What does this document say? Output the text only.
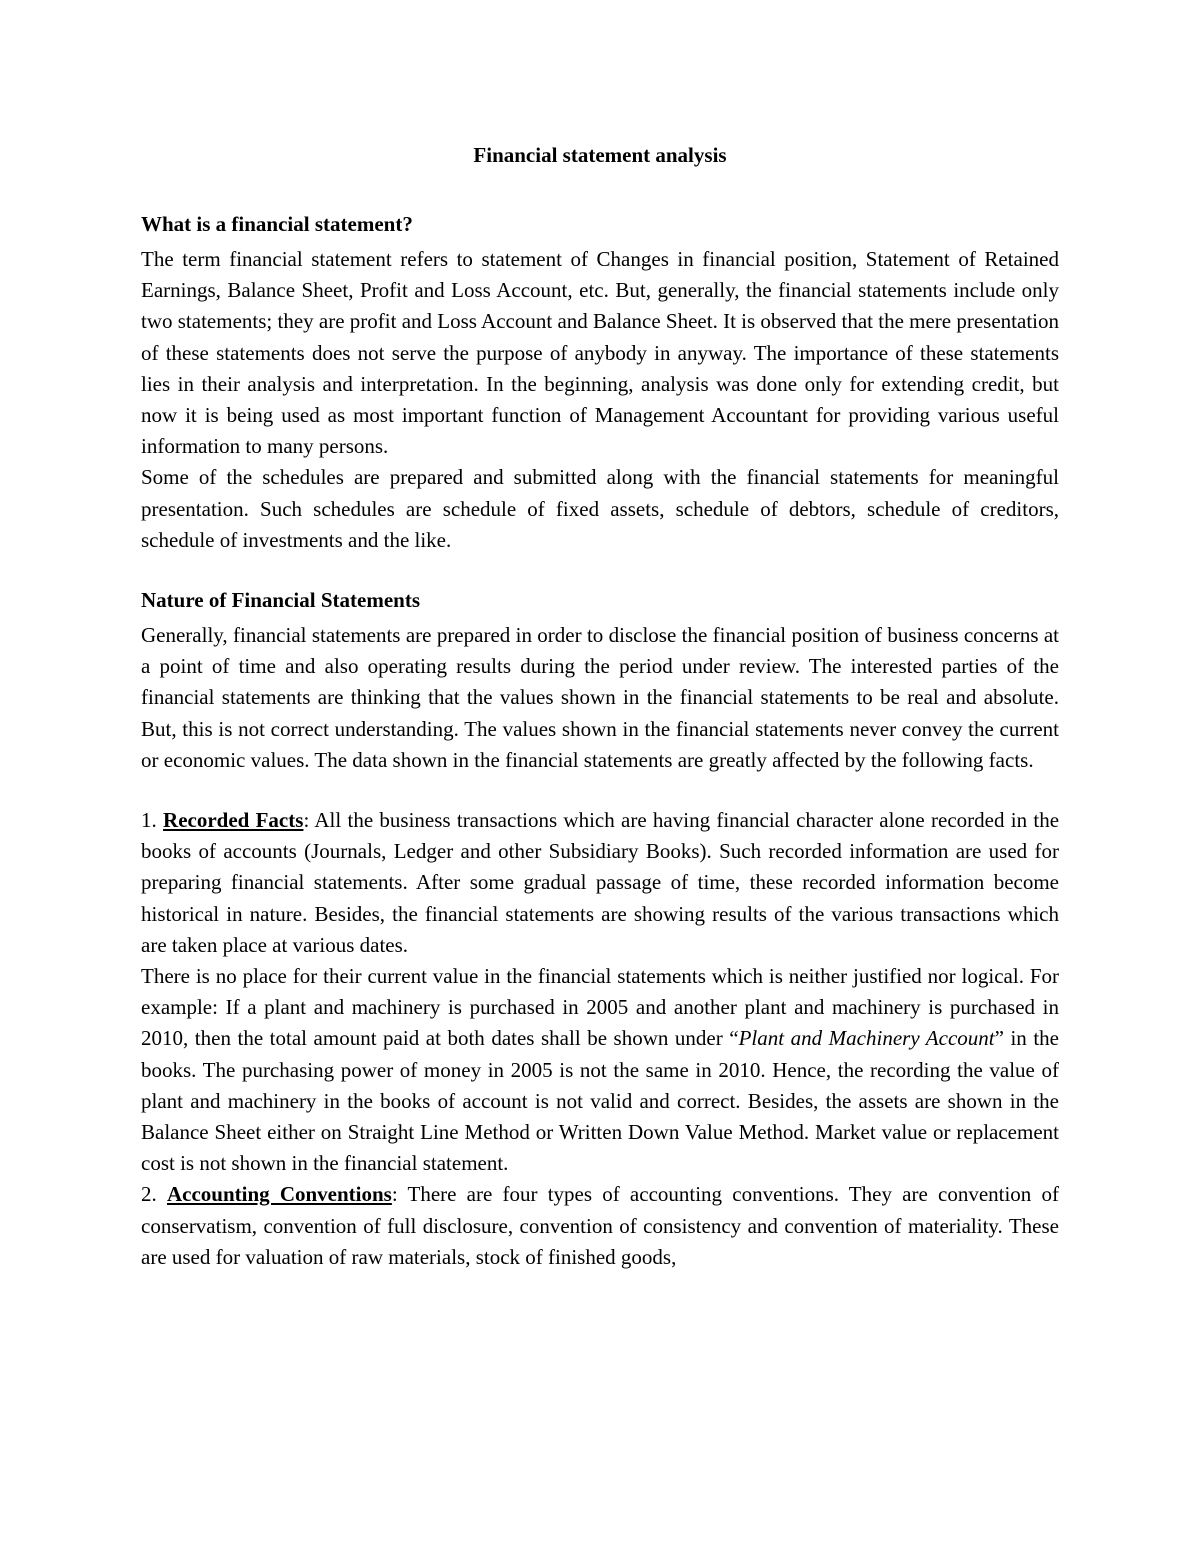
Financial statement analysis
What is a financial statement?

The term financial statement refers to statement of Changes in financial position, Statement of Retained Earnings, Balance Sheet, Profit and Loss Account, etc. But, generally, the financial statements include only two statements; they are profit and Loss Account and Balance Sheet. It is observed that the mere presentation of these statements does not serve the purpose of anybody in anyway. The importance of these statements lies in their analysis and interpretation. In the beginning, analysis was done only for extending credit, but now it is being used as most important function of Management Accountant for providing various useful information to many persons.

Some of the schedules are prepared and submitted along with the financial statements for meaningful presentation. Such schedules are schedule of fixed assets, schedule of debtors, schedule of creditors, schedule of investments and the like.

Nature of Financial Statements

Generally, financial statements are prepared in order to disclose the financial position of business concerns at a point of time and also operating results during the period under review. The interested parties of the financial statements are thinking that the values shown in the financial statements to be real and absolute. But, this is not correct understanding. The values shown in the financial statements never convey the current or economic values. The data shown in the financial statements are greatly affected by the following facts.

1. Recorded Facts: All the business transactions which are having financial character alone recorded in the books of accounts (Journals, Ledger and other Subsidiary Books). Such recorded information are used for preparing financial statements. After some gradual passage of time, these recorded information become historical in nature. Besides, the financial statements are showing results of the various transactions which are taken place at various dates.

There is no place for their current value in the financial statements which is neither justified nor logical. For example: If a plant and machinery is purchased in 2005 and another plant and machinery is purchased in 2010, then the total amount paid at both dates shall be shown under “Plant and Machinery Account” in the books. The purchasing power of money in 2005 is not the same in 2010. Hence, the recording the value of plant and machinery in the books of account is not valid and correct. Besides, the assets are shown in the Balance Sheet either on Straight Line Method or Written Down Value Method. Market value or replacement cost is not shown in the financial statement.

2. Accounting Conventions: There are four types of accounting conventions. They are convention of conservatism, convention of full disclosure, convention of consistency and convention of materiality. These are used for valuation of raw materials, stock of finished goods,
